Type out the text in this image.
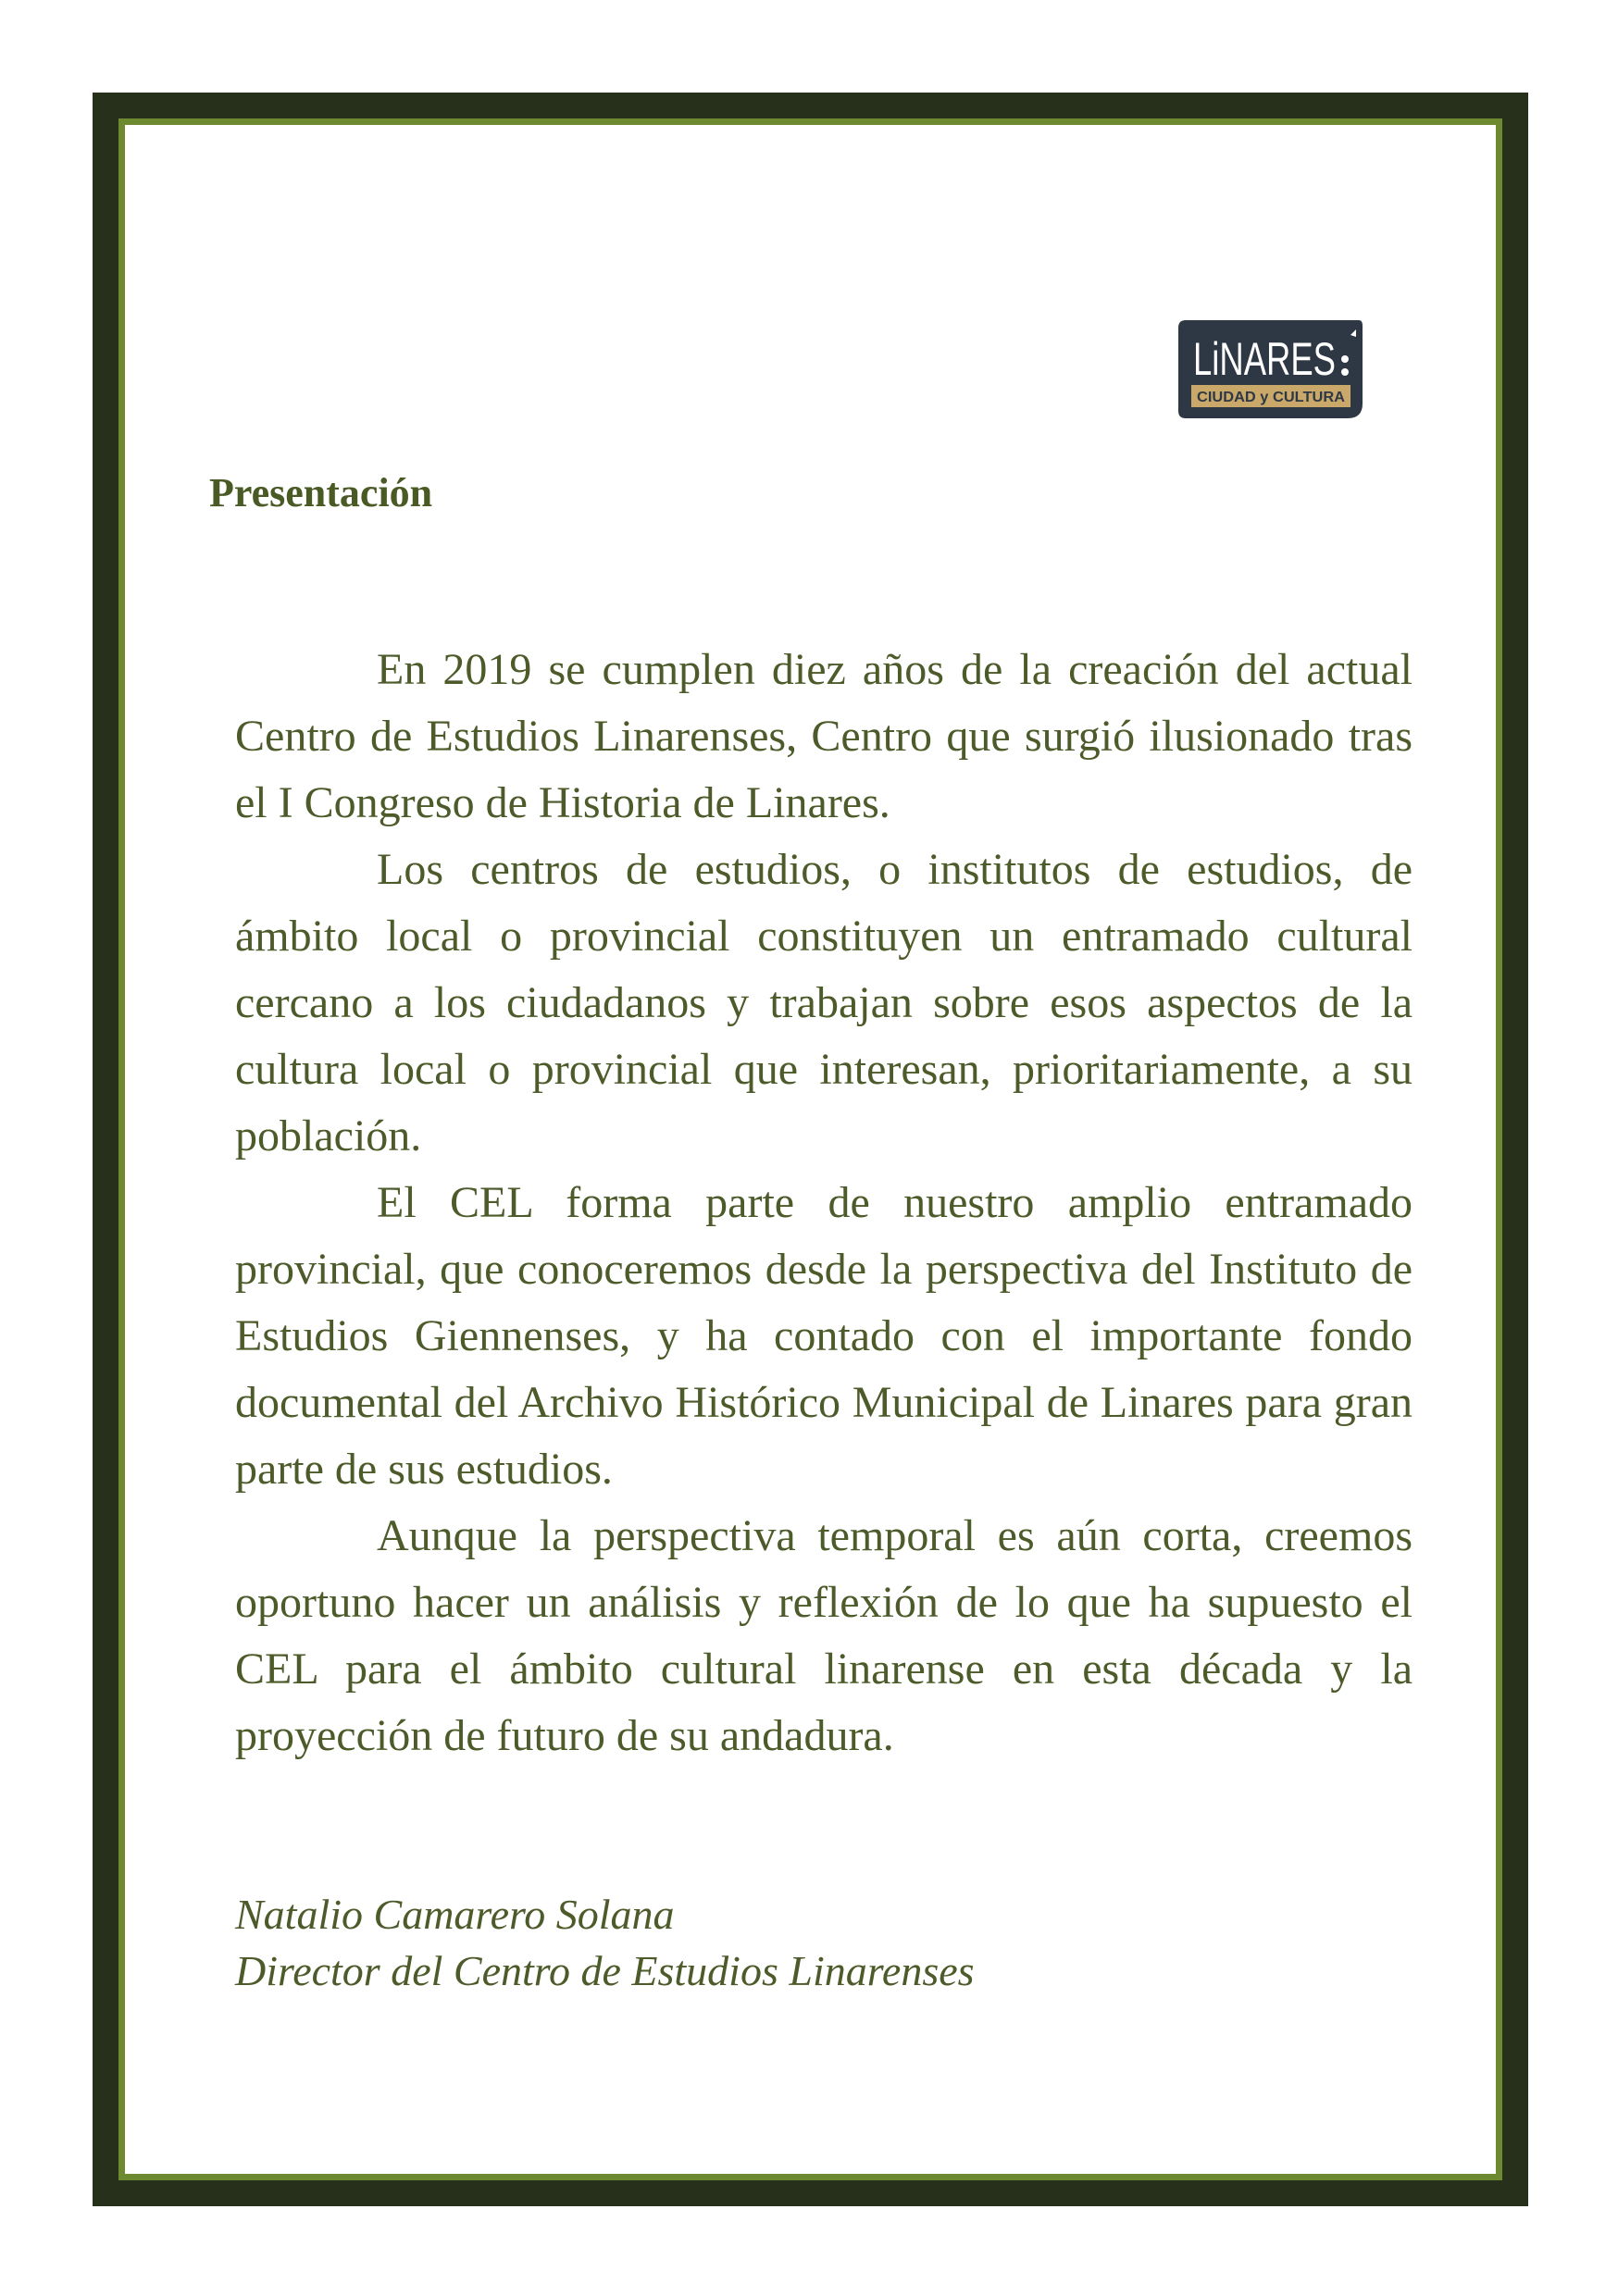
LiNARES
CIUDAD y CULTURA
Presentación

En 2019 se cumplen diez años de la creación del actual Centro de Estudios Linarenses, Centro que surgió ilusionado tras el I Congreso de Historia de Linares.

Los centros de estudios, o institutos de estudios, de ámbito local o provincial constituyen un entramado cultural cercano a los ciudadanos y trabajan sobre esos aspectos de la cultura local o provincial que interesan, prioritariamente, a su población.

El CEL forma parte de nuestro amplio entramado provincial, que conoceremos desde la perspectiva del Instituto de Estudios Giennenses, y ha contado con el importante fondo documental del Archivo Histórico Municipal de Linares para gran parte de sus estudios.

Aunque la perspectiva temporal es aún corta, creemos oportuno hacer un análisis y reflexión de lo que ha supuesto el CEL para el ámbito cultural linarense en esta década y la proyección de futuro de su andadura.

Natalio Camarero Solana
Director del Centro de Estudios Linarenses
